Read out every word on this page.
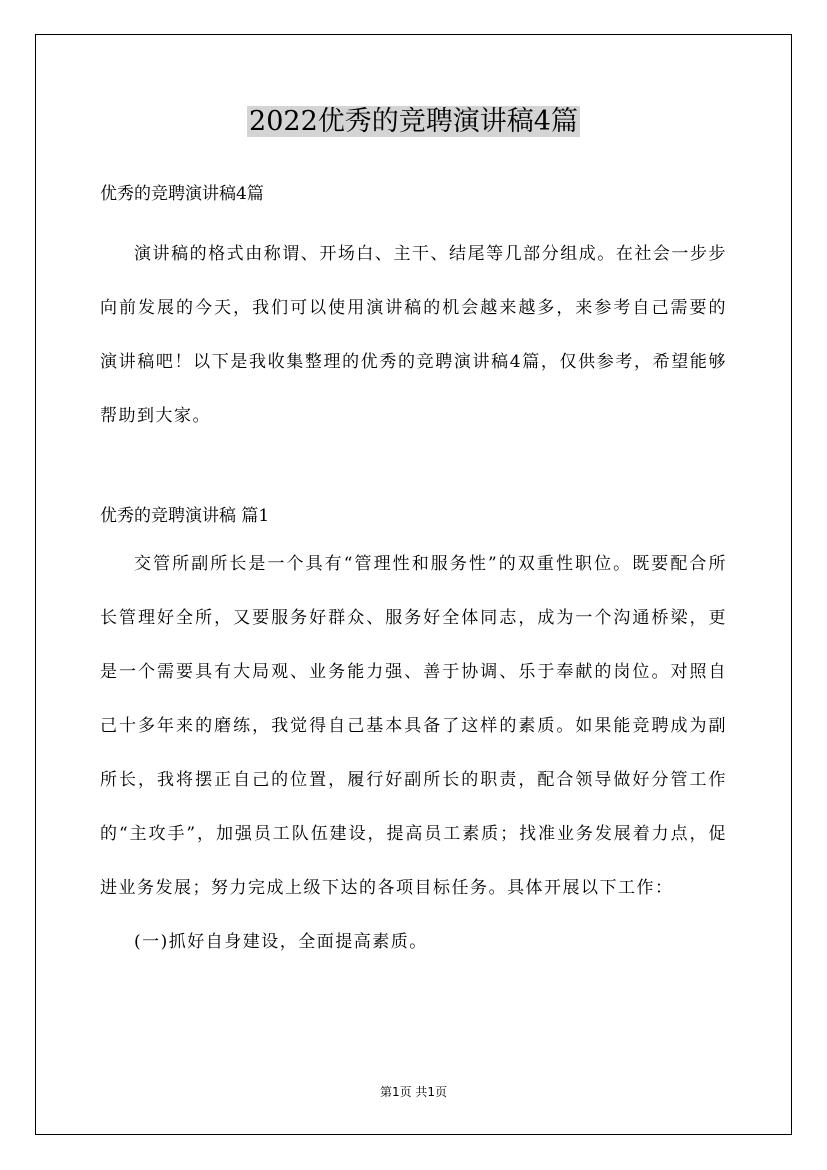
2022优秀的竞聘演讲稿4篇

优秀的竞聘演讲稿4篇

演讲稿的格式由称谓、开场白、主干、结尾等几部分组成。在社会一步步向前发展的今天，我们可以使用演讲稿的机会越来越多，来参考自己需要的演讲稿吧！以下是我收集整理的优秀的竞聘演讲稿4篇，仅供参考，希望能够帮助到大家。

优秀的竞聘演讲稿 篇1

交管所副所长是一个具有“管理性和服务性”的双重性职位。既要配合所长管理好全所，又要服务好群众、服务好全体同志，成为一个沟通桥梁，更是一个需要具有大局观、业务能力强、善于协调、乐于奉献的岗位。对照自己十多年来的磨练，我觉得自己基本具备了这样的素质。如果能竞聘成为副所长，我将摆正自己的位置，履行好副所长的职责，配合领导做好分管工作的“主攻手”，加强员工队伍建设，提高员工素质；找准业务发展着力点，促进业务发展；努力完成上级下达的各项目标任务。具体开展以下工作：

(一)抓好自身建设，全面提高素质。

第1页 共1页
